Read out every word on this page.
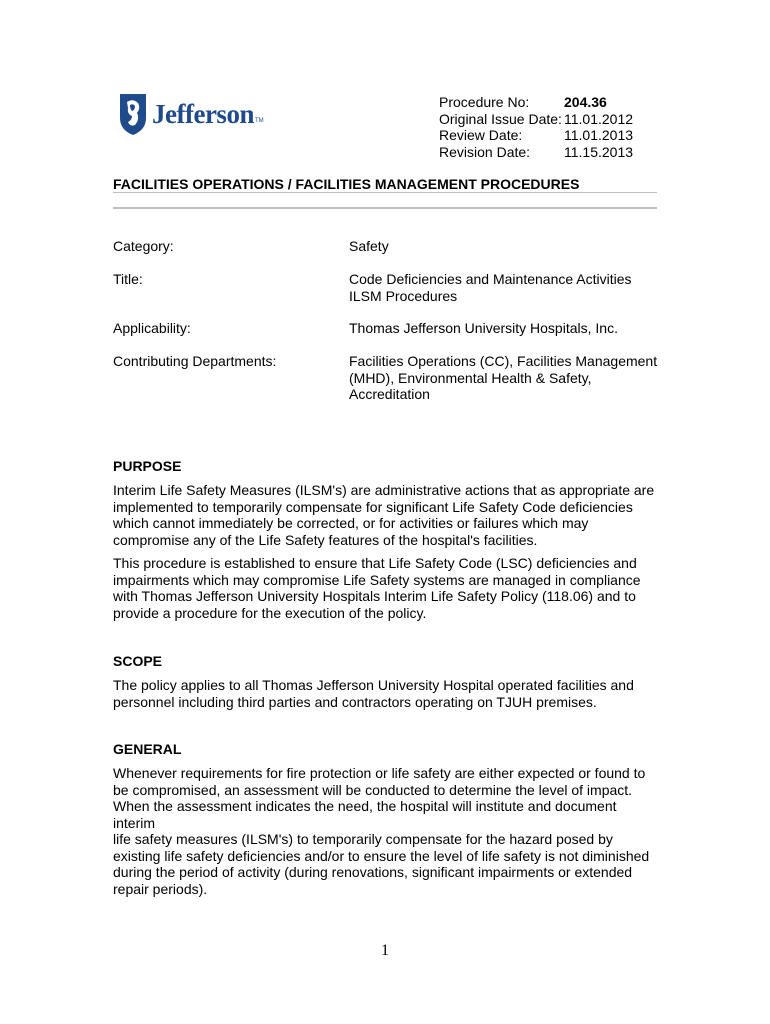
Jefferson TM
Procedure No:	204.36
Original Issue Date: 11.01.2012
Review Date:	11.01.2013
Revision Date:	11.15.2013
FACILITIES OPERATIONS / FACILITIES MANAGEMENT PROCEDURES
Category:	Safety
Title:	Code Deficiencies and Maintenance Activities
ILSM Procedures
Applicability:	Thomas Jefferson University Hospitals, Inc.
Contributing Departments:	Facilities Operations (CC), Facilities Management
(MHD), Environmental Health & Safety,
Accreditation
PURPOSE
Interim Life Safety Measures (ILSM's) are administrative actions that as appropriate are
implemented to temporarily compensate for significant Life Safety Code deficiencies
which cannot immediately be corrected, or for activities or failures which may
compromise any of the Life Safety features of the hospital's facilities.
This procedure is established to ensure that Life Safety Code (LSC) deficiencies and
impairments which may compromise Life Safety systems are managed in compliance
with Thomas Jefferson University Hospitals Interim Life Safety Policy (118.06) and to
provide a procedure for the execution of the policy.
SCOPE
The policy applies to all Thomas Jefferson University Hospital operated facilities and
personnel including third parties and contractors operating on TJUH premises.
GENERAL
Whenever requirements for fire protection or life safety are either expected or found to
be compromised, an assessment will be conducted to determine the level of impact.
When the assessment indicates the need, the hospital will institute and document interim
life safety measures (ILSM's) to temporarily compensate for the hazard posed by
existing life safety deficiencies and/or to ensure the level of life safety is not diminished
during the period of activity (during renovations, significant impairments or extended
repair periods).
1
